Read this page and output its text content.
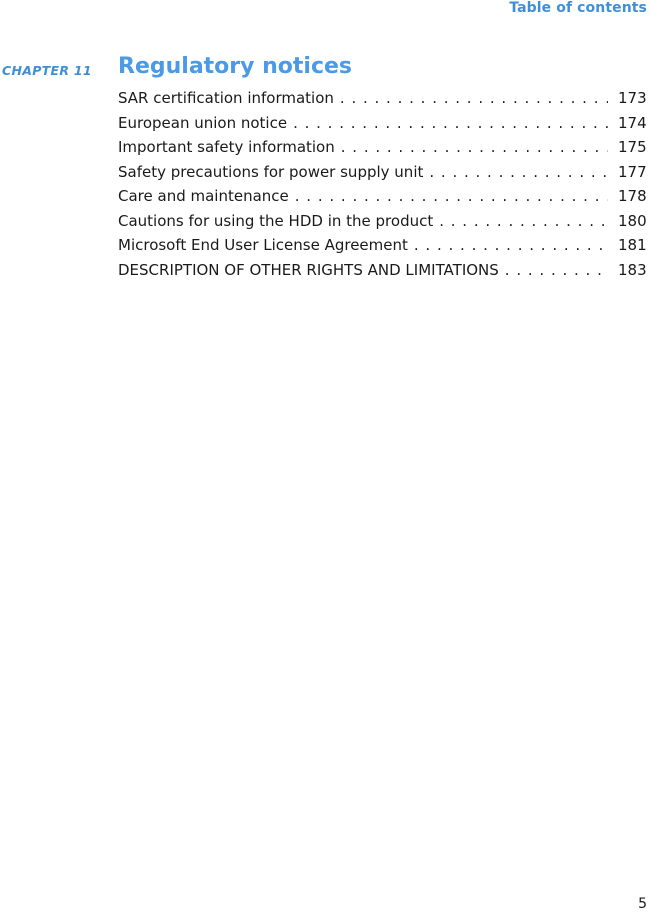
Table of contents
CHAPTER 11 Regulatory notices
SAR certification information . . .	173
European union notice . . .	174
Important safety information . . .	175
Safety precautions for power supply unit . . .	177
Care and maintenance . . .	178
Cautions for using the HDD in the product . . .	180
Microsoft End User License Agreement . . .	181
DESCRIPTION OF OTHER RIGHTS AND LIMITATIONS . . .	183
5
